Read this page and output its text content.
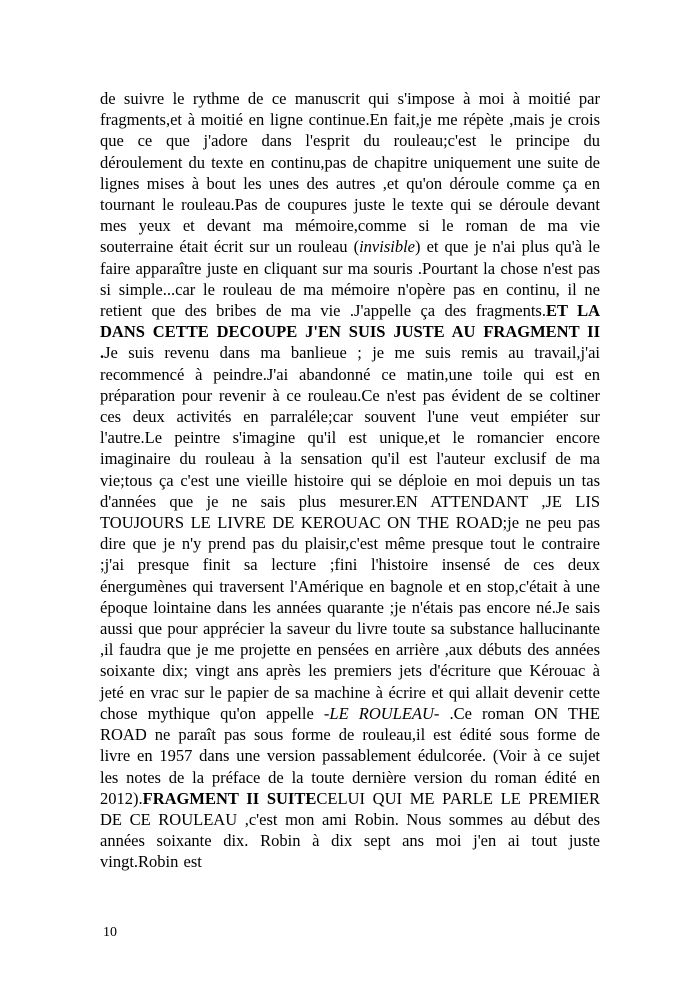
de suivre le rythme de ce manuscrit qui s'impose à moi à moitié par fragments,et à moitié en ligne continue.En fait,je me répète ,mais je crois que ce que j'adore dans l'esprit du rouleau;c'est le principe du déroulement du texte en continu,pas de chapitre uniquement une suite de lignes mises à bout les unes des autres ,et qu'on déroule comme ça en tournant le rouleau.Pas de coupures juste le texte qui se déroule devant mes yeux et devant ma mémoire,comme si le roman de ma vie souterraine était écrit sur un rouleau (invisible) et que je n'ai plus qu'à le faire apparaître juste en cliquant sur ma souris .Pourtant la chose n'est pas si simple...car le rouleau de ma mémoire n'opère pas en continu, il ne retient que des bribes de ma vie .J'appelle ça des fragments.ET LA DANS CETTE DECOUPE J'EN SUIS JUSTE AU FRAGMENT II .Je suis revenu dans ma banlieue ; je me suis remis au travail,j'ai recommencé à peindre.J'ai abandonné ce matin,une toile qui est en préparation pour revenir à ce rouleau.Ce n'est pas évident de se coltiner ces deux activités en parraléle;car souvent l'une veut empiéter sur l'autre.Le peintre s'imagine qu'il est unique,et le romancier encore imaginaire du rouleau à la sensation qu'il est l'auteur exclusif de ma vie;tous ça c'est une vieille histoire qui se déploie en moi depuis un tas d'années que je ne sais plus mesurer.EN ATTENDANT ,JE LIS TOUJOURS LE LIVRE DE KEROUAC ON THE ROAD;je ne peu pas dire que je n'y prend pas du plaisir,c'est même presque tout le contraire ;j'ai presque finit sa lecture ;fini l'histoire insensé de ces deux énergumènes qui traversent l'Amérique en bagnole et en stop,c'était à une époque lointaine dans les années quarante ;je n'étais pas encore né.Je sais aussi que pour apprécier la saveur du livre toute sa substance hallucinante ,il faudra que je me projette en pensées en arrière ,aux débuts des années soixante dix; vingt ans après les premiers jets d'écriture que Kérouac à jeté en vrac sur le papier de sa machine à écrire et qui allait devenir cette chose mythique qu'on appelle -LE ROULEAU- .Ce roman ON THE ROAD ne paraît pas sous forme de rouleau,il est édité sous forme de livre en 1957 dans une version passablement édulcorée. (Voir à ce sujet les notes de la préface de la toute dernière version du roman édité en 2012).FRAGMENT II SUITECELUI QUI ME PARLE LE PREMIER DE CE ROULEAU ,c'est mon ami Robin. Nous sommes au début des années soixante dix. Robin à dix sept ans moi j'en ai tout juste vingt.Robin est
10
